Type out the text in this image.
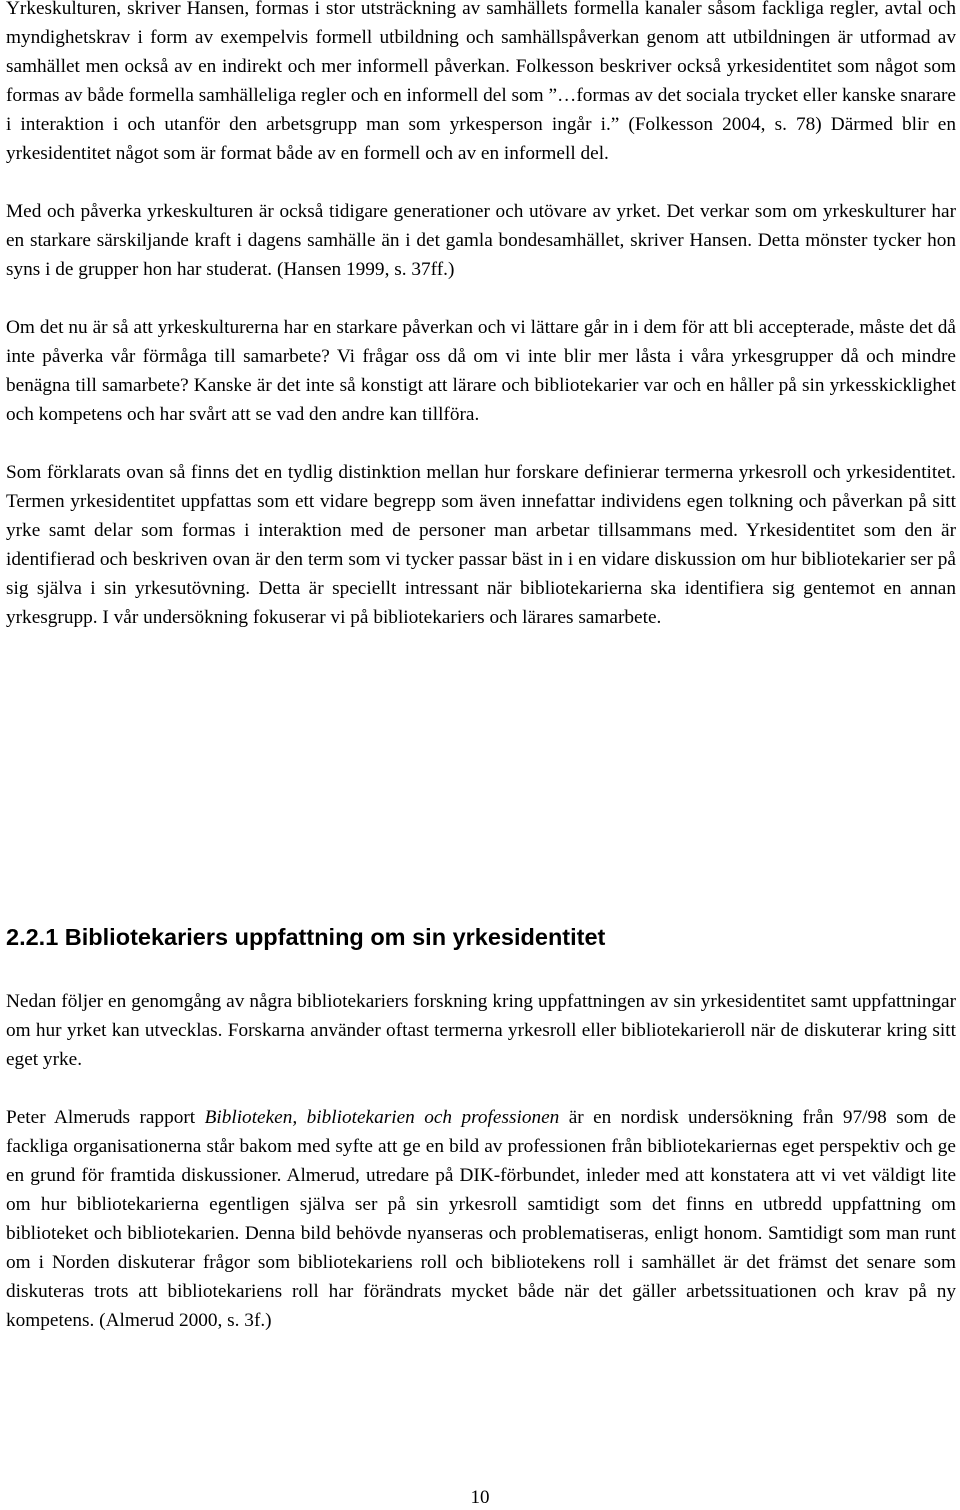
Yrkeskulturen, skriver Hansen, formas i stor utsträckning av samhällets formella kanaler såsom fackliga regler, avtal och myndighetskrav i form av exempelvis formell utbildning och samhällspåverkan genom att utbildningen är utformad av samhället men också av en indirekt och mer informell påverkan. Folkesson beskriver också yrkesidentitet som något som formas av både formella samhälleliga regler och en informell del som ”…formas av det sociala trycket eller kanske snarare i interaktion i och utanför den arbetsgrupp man som yrkesperson ingår i.” (Folkesson 2004, s. 78) Därmed blir en yrkesidentitet något som är format både av en formell och av en informell del.

Med och påverka yrkeskulturen är också tidigare generationer och utövare av yrket. Det verkar som om yrkeskulturer har en starkare särskiljande kraft i dagens samhälle än i det gamla bondesamhället, skriver Hansen. Detta mönster tycker hon syns i de grupper hon har studerat. (Hansen 1999, s. 37ff.)

Om det nu är så att yrkeskulturerna har en starkare påverkan och vi lättare går in i dem för att bli accepterade, måste det då inte påverka vår förmåga till samarbete? Vi frågar oss då om vi inte blir mer låsta i våra yrkesgrupper då och mindre benägna till samarbete? Kanske är det inte så konstigt att lärare och bibliotekarier var och en håller på sin yrkesskicklighet och kompetens och har svårt att se vad den andre kan tillföra.

Som förklarats ovan så finns det en tydlig distinktion mellan hur forskare definierar termerna yrkesroll och yrkesidentitet. Termen yrkesidentitet uppfattas som ett vidare begrepp som även innefattar individens egen tolkning och påverkan på sitt yrke samt delar som formas i interaktion med de personer man arbetar tillsammans med. Yrkesidentitet som den är identifierad och beskriven ovan är den term som vi tycker passar bäst in i en vidare diskussion om hur bibliotekarier ser på sig själva i sin yrkesutövning. Detta är speciellt intressant när bibliotekarierna ska identifiera sig gentemot en annan yrkesgrupp. I vår undersökning fokuserar vi på bibliotekariers och lärares samarbete.

2.2.1 Bibliotekariers uppfattning om sin yrkesidentitet

Nedan följer en genomgång av några bibliotekariers forskning kring uppfattningen av sin yrkesidentitet samt uppfattningar om hur yrket kan utvecklas. Forskarna använder oftast termerna yrkesroll eller bibliotekarieroll när de diskuterar kring sitt eget yrke.

Peter Almeruds rapport Biblioteken, bibliotekarien och professionen är en nordisk undersökning från 97/98 som de fackliga organisationerna står bakom med syfte att ge en bild av professionen från bibliotekariernas eget perspektiv och ge en grund för framtida diskussioner. Almerud, utredare på DIK-förbundet, inleder med att konstatera att vi vet väldigt lite om hur bibliotekarierna egentligen själva ser på sin yrkesroll samtidigt som det finns en utbredd uppfattning om biblioteket och bibliotekarien. Denna bild behövde nyanseras och problematiseras, enligt honom. Samtidigt som man runt om i Norden diskuterar frågor som bibliotekariens roll och bibliotekens roll i samhället är det främst det senare som diskuteras trots att bibliotekariens roll har förändrats mycket både när det gäller arbetssituationen och krav på ny kompetens. (Almerud 2000, s. 3f.)

10
